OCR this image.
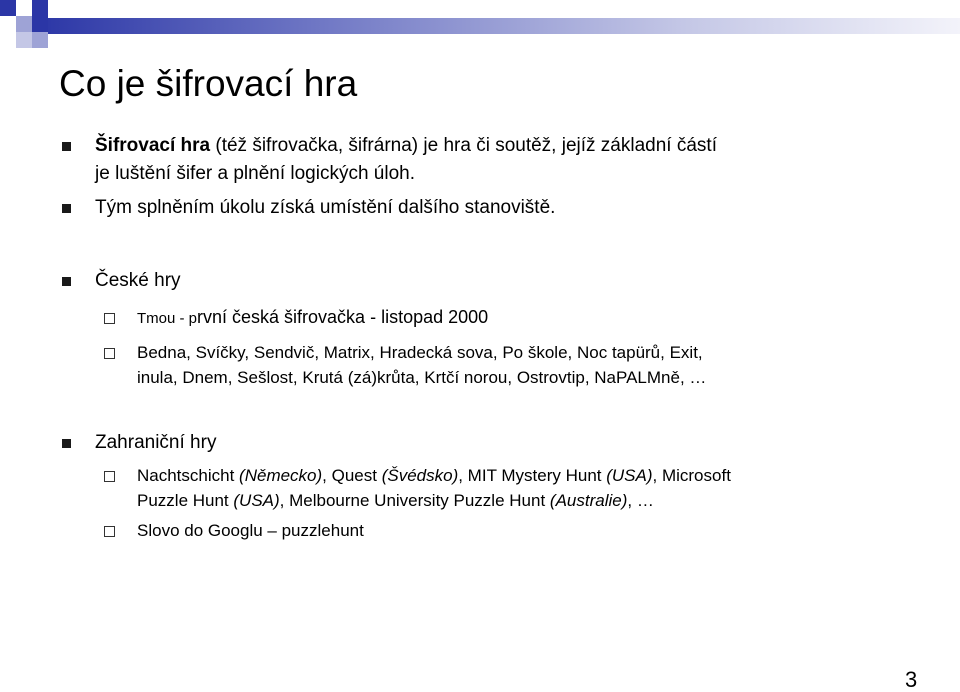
Co je šifrovací hra
Šifrovací hra (též šifrovačka, šifrárna) je hra či soutěž, jejíž základní částí
je luštění šifer a plnění logických úloh.
Tým splněním úkolu získá umístění dalšího stanoviště.
České hry
Tmou - první česká šifrovačka - listopad 2000
Bedna, Svíčky, Sendvič, Matrix, Hradecká sova, Po škole, Noc tapürů, Exit,
inula, Dnem, Sešlost, Krutá (zá)krůta, Krtčí norou, Ostrovtip, NaPALMně, …
Zahraniční hry
Nachtschicht (Německo), Quest (Švédsko), MIT Mystery Hunt (USA), Microsoft
Puzzle Hunt (USA), Melbourne University Puzzle Hunt (Australie), …
Slovo do Googlu – puzzlehunt
3
